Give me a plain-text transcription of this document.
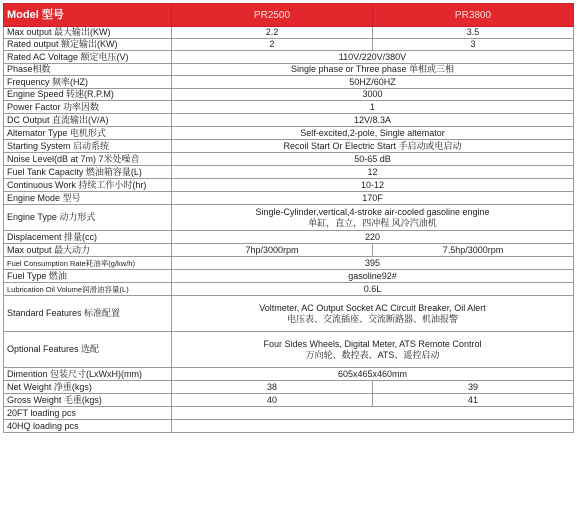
Model 型号	PR2500	PR3800
Max output 最大输出(KW)	2.2	3.5
Rated output 额定输出(KW)	2	3
Rated AC Voltage 额定电压(V)	110V/220V/380V	
Phase相数	Single phase or Three phase 单相或三相	
Frequency 频率(HZ)	50HZ/60HZ	
Engine Speed 转速(R.P.M)	3000	
Power Factor 功率因数	1	
DC Output 直流输出(V/A)	12V/8.3A	
Altemator Type 电机形式	Self-excited,2-pole, Single altemator	
Starting System 启动系统	Recoil Start Or Electric Start 手启动或电启动	
Noise Level(dB at 7m) 7米处噪音	50-65 dB	
Fuel Tank Capacity 燃油箱容量(L)	12	
Continuous Work 持续工作小时(hr)	10-12	
Engine Mode 型号	170F	
Engine Type 动力形式	Single-Cylinder,vertical,4-stroke air-cooled gasoline engine
单缸，直立，四冲程 风冷汽油机	

Displacement 排量(cc)	220	
Max output 最大动力	7hp/3000rpm	7.5hp/3000rpm
Fuel Consumption Rate耗油率(g/kw/h)	395	
Fuel Type 燃油	gasoline92#	
Lubrication Oil Volume润滑油容量(L)	0.6L	
Standard Features 标准配置	Voltmeter, AC Output Socket AC Circuit Breaker, Oil Alert
电压表、交流插座、交流断路器、机油报警	

Optional Features 选配	Four Sides Wheels, Digital Meter, ATS Remote Control
万向轮、数控表、ATS、遥控启动	

Dimention 包装尺寸(LxWxH)(mm)	605x465x460mm	
Net Weight 净重(kgs)	38	39
Gross Weight 毛重(kgs)	40	41
20FT loading pcs		
40HQ loading pcs		
